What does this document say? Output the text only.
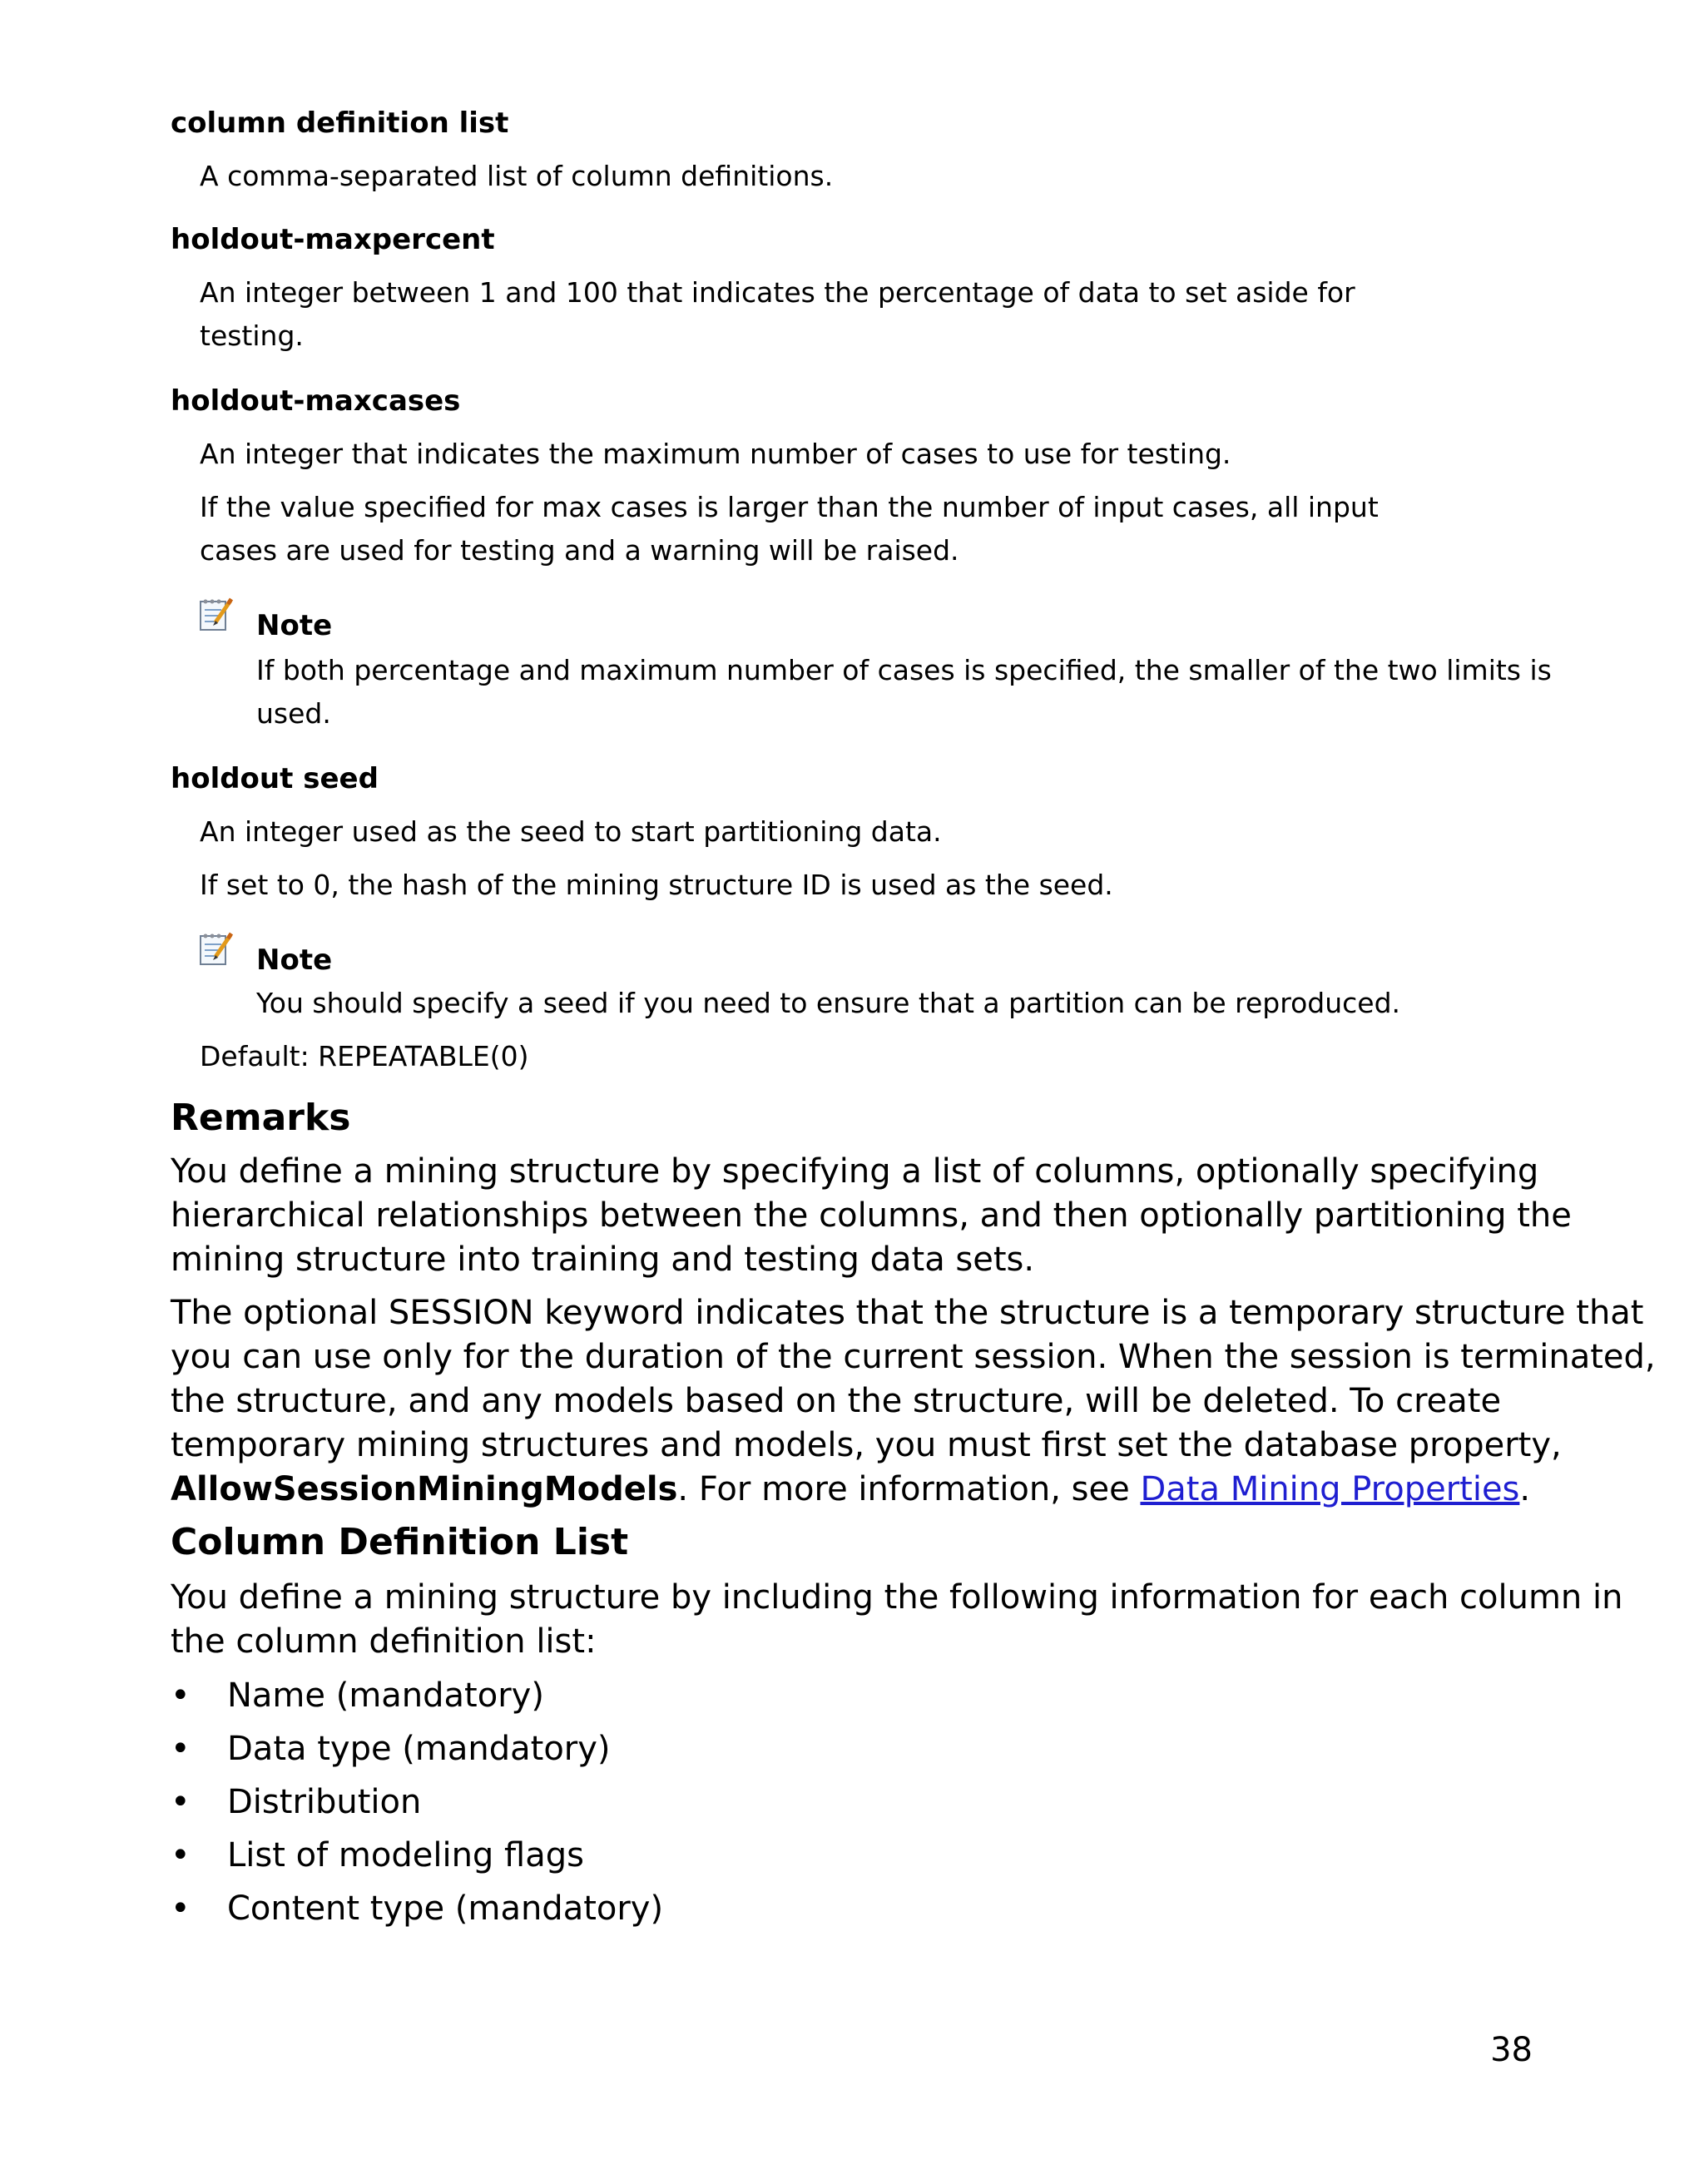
column definition list

A comma-separated list of column definitions.

holdout-maxpercent

An integer between 1 and 100 that indicates the percentage of data to set aside for

testing.

holdout-maxcases

An integer that indicates the maximum number of cases to use for testing.

If the value specified for max cases is larger than the number of input cases, all input

cases are used for testing and a warning will be raised.

Note

If both percentage and maximum number of cases is specified, the smaller of the two limits is

used.

holdout seed

An integer used as the seed to start partitioning data.

If set to 0, the hash of the mining structure ID is used as the seed.

Note

You should specify a seed if you need to ensure that a partition can be reproduced.

Default: REPEATABLE(0)

Remarks

You define a mining structure by specifying a list of columns, optionally specifying

hierarchical relationships between the columns, and then optionally partitioning the

mining structure into training and testing data sets.

The optional SESSION keyword indicates that the structure is a temporary structure that

you can use only for the duration of the current session. When the session is terminated,

the structure, and any models based on the structure, will be deleted. To create

temporary mining structures and models, you must first set the database property,

AllowSessionMiningModels. For more information, see Data Mining Properties.

Column Definition List

You define a mining structure by including the following information for each column in

the column definition list:

•	Name (mandatory)
•	Data type (mandatory)
•	Distribution
•	List of modeling flags
•	Content type (mandatory)
38
